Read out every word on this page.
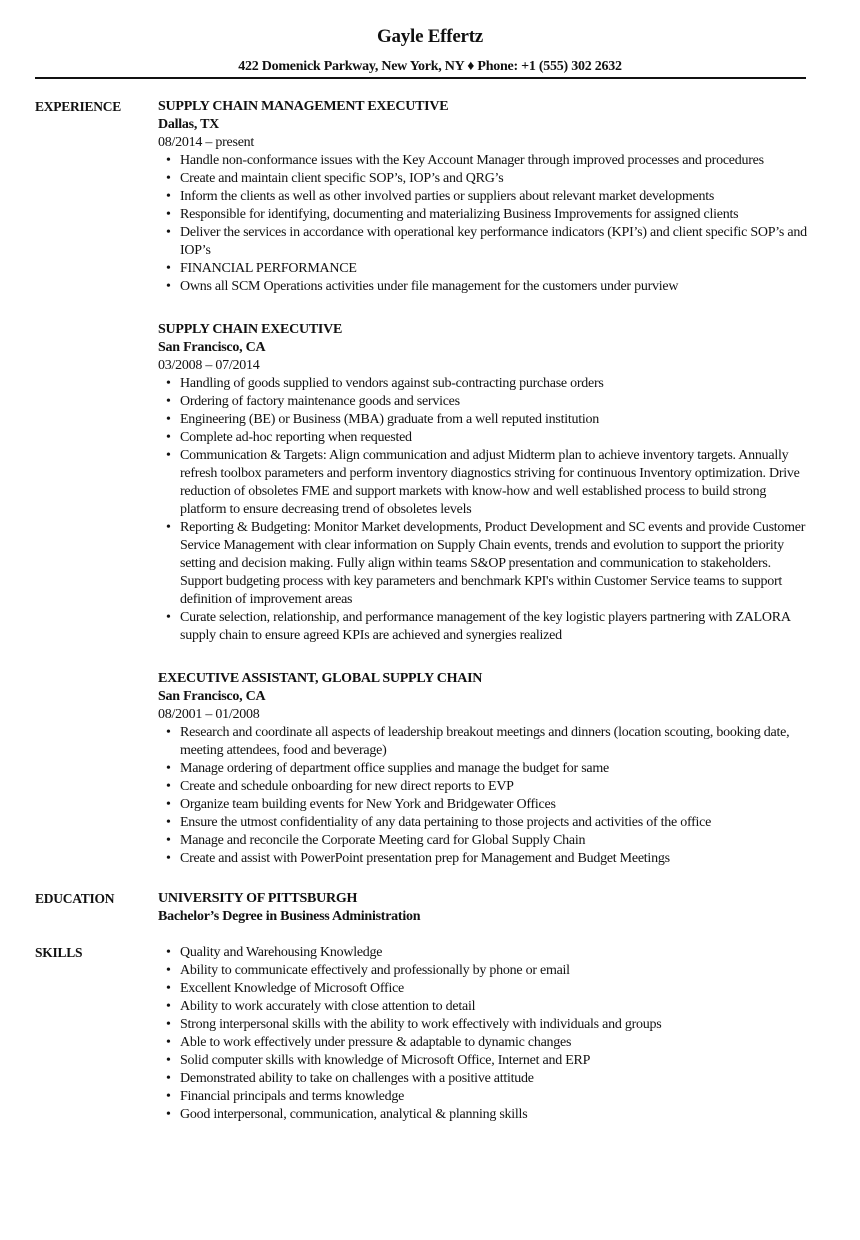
Gayle Effertz
422 Domenick Parkway, New York, NY ♦ Phone: +1 (555) 302 2632
EXPERIENCE	SUPPLY CHAIN MANAGEMENT EXECUTIVE
Dallas, TX
08/2014 – present
• Handle non-conformance issues with the Key Account Manager through improved processes and procedures
• Create and maintain client specific SOP’s, IOP’s and QRG’s
• Inform the clients as well as other involved parties or suppliers about relevant market developments
• Responsible for identifying, documenting and materializing Business Improvements for assigned clients
• Deliver the services in accordance with operational key performance indicators (KPI’s) and client specific SOP’s and IOP’s
• FINANCIAL PERFORMANCE
• Owns all SCM Operations activities under file management for the customers under purview
SUPPLY CHAIN EXECUTIVE
San Francisco, CA
03/2008 – 07/2014
• Handling of goods supplied to vendors against sub-contracting purchase orders
• Ordering of factory maintenance goods and services
• Engineering (BE) or Business (MBA) graduate from a well reputed institution
• Complete ad-hoc reporting when requested
• Communication & Targets: Align communication and adjust Midterm plan to achieve inventory targets. Annually refresh toolbox parameters and perform inventory diagnostics striving for continuous Inventory optimization. Drive reduction of obsoletes FME and support markets with know-how and well established process to build strong platform to ensure decreasing trend of obsoletes levels
• Reporting & Budgeting: Monitor Market developments, Product Development and SC events and provide Customer Service Management with clear information on Supply Chain events, trends and evolution to support the priority setting and decision making. Fully align within teams S&OP presentation and communication to stakeholders. Support budgeting process with key parameters and benchmark KPI's within Customer Service teams to support definition of improvement areas
• Curate selection, relationship, and performance management of the key logistic players partnering with ZALORA supply chain to ensure agreed KPIs are achieved and synergies realized
EXECUTIVE ASSISTANT, GLOBAL SUPPLY CHAIN
San Francisco, CA
08/2001 – 01/2008
• Research and coordinate all aspects of leadership breakout meetings and dinners (location scouting, booking date, meeting attendees, food and beverage)
• Manage ordering of department office supplies and manage the budget for same
• Create and schedule onboarding for new direct reports to EVP
• Organize team building events for New York and Bridgewater Offices
• Ensure the utmost confidentiality of any data pertaining to those projects and activities of the office
• Manage and reconcile the Corporate Meeting card for Global Supply Chain
• Create and assist with PowerPoint presentation prep for Management and Budget Meetings
EDUCATION	UNIVERSITY OF PITTSBURGH
Bachelor’s Degree in Business Administration
SKILLS	• Quality and Warehousing Knowledge
• Ability to communicate effectively and professionally by phone or email
• Excellent Knowledge of Microsoft Office
• Ability to work accurately with close attention to detail
• Strong interpersonal skills with the ability to work effectively with individuals and groups
• Able to work effectively under pressure & adaptable to dynamic changes
• Solid computer skills with knowledge of Microsoft Office, Internet and ERP
• Demonstrated ability to take on challenges with a positive attitude
• Financial principals and terms knowledge
• Good interpersonal, communication, analytical & planning skills
